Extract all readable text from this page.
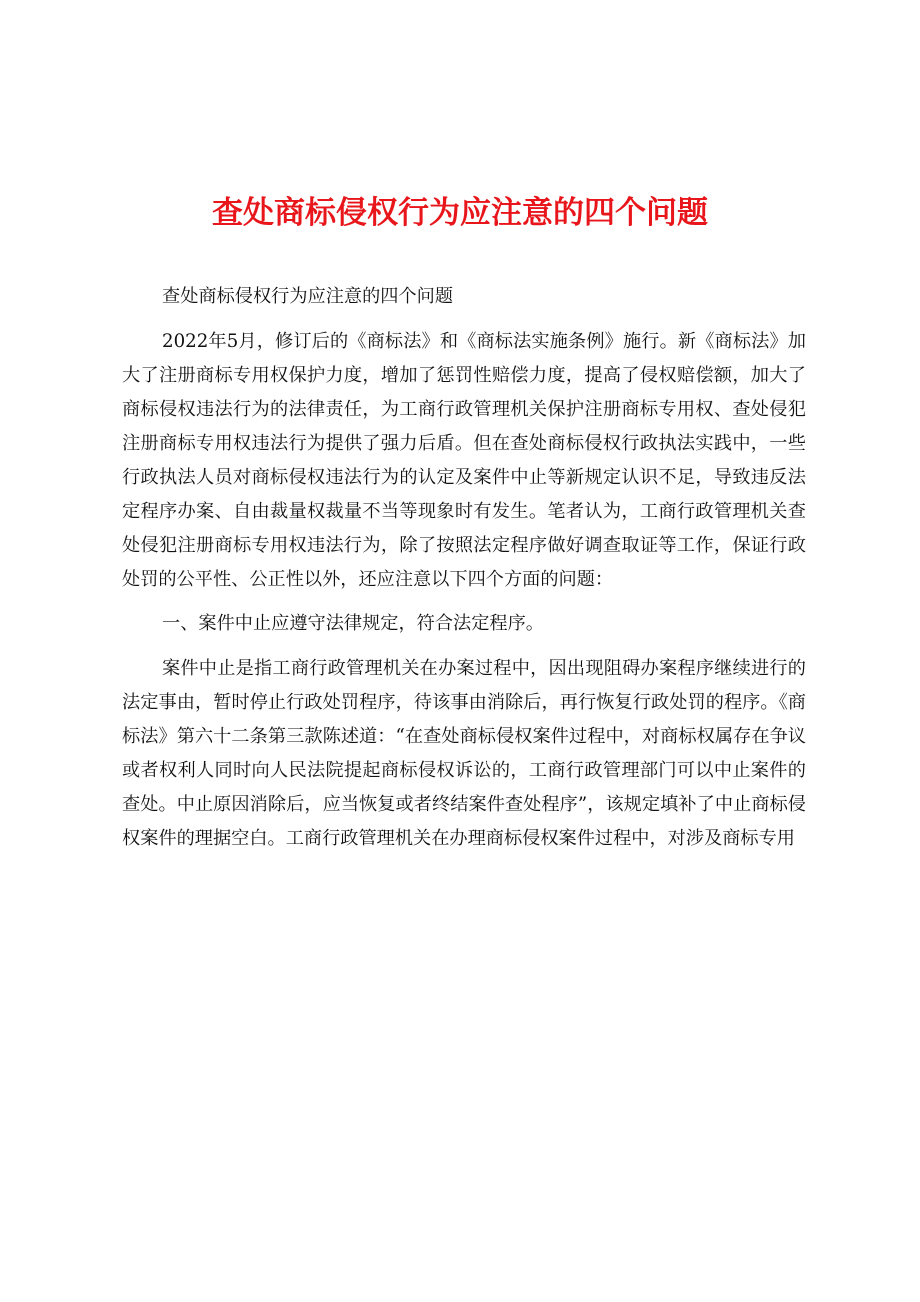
查处商标侵权行为应注意的四个问题

查处商标侵权行为应注意的四个问题

2022年5月，修订后的《商标法》和《商标法实施条例》施行。新《商标法》加大了注册商标专用权保护力度，增加了惩罚性赔偿力度，提高了侵权赔偿额，加大了商标侵权违法行为的法律责任，为工商行政管理机关保护注册商标专用权、查处侵犯注册商标专用权违法行为提供了强力后盾。但在查处商标侵权行政执法实践中，一些行政执法人员对商标侵权违法行为的认定及案件中止等新规定认识不足，导致违反法定程序办案、自由裁量权裁量不当等现象时有发生。笔者认为，工商行政管理机关查处侵犯注册商标专用权违法行为，除了按照法定程序做好调查取证等工作，保证行政处罚的公平性、公正性以外，还应注意以下四个方面的问题：

一、案件中止应遵守法律规定，符合法定程序。

案件中止是指工商行政管理机关在办案过程中，因出现阻碍办案程序继续进行的法定事由，暂时停止行政处罚程序，待该事由消除后，再行恢复行政处罚的程序。《商标法》第六十二条第三款陈述道：“在查处商标侵权案件过程中，对商标权属存在争议或者权利人同时向人民法院提起商标侵权诉讼的，工商行政管理部门可以中止案件的查处。中止原因消除后，应当恢复或者终结案件查处程序”，该规定填补了中止商标侵权案件的理据空白。工商行政管理机关在办理商标侵权案件过程中，对涉及商标专用
